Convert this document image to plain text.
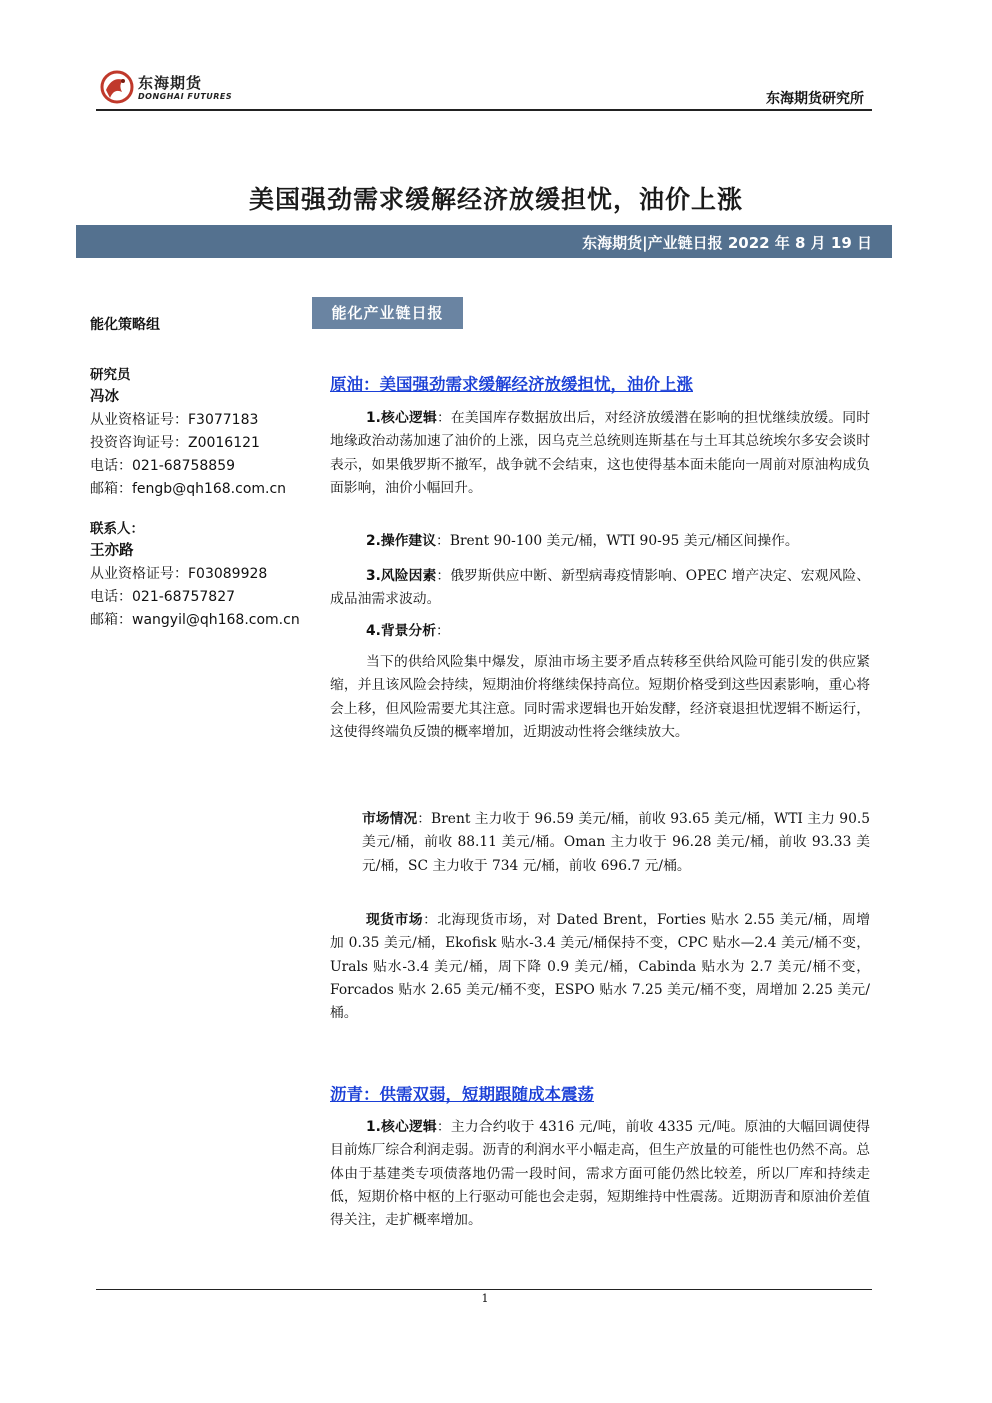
东海期货
DONGHAI FUTURES	东海期货研究所
美国强劲需求缓解经济放缓担忧，油价上涨
东海期货|产业链日报 2022 年 8 月 19 日

能化策略组

研究员

冯冰

从业资格证号：F3077183

投资咨询证号：Z0016121

电话：021-68758859

邮箱：fengb@qh168.com.cn

联系人：

王亦路

从业资格证号：F03089928

电话：021-68757827

邮箱：wangyil@qh168.com.cn

能化产业链日报
原油：美国强劲需求缓解经济放缓担忧，油价上涨

1.核心逻辑：在美国库存数据放出后，对经济放缓潜在影响的担忧继续放缓。同时地缘政治动荡加速了油价的上涨，因乌克兰总统则连斯基在与土耳其总统埃尔多安会谈时表示，如果俄罗斯不撤军，战争就不会结束，这也使得基本面未能向一周前对原油构成负面影响，油价小幅回升。

2.操作建议：Brent 90-100 美元/桶，WTI 90-95 美元/桶区间操作。

3.风险因素：俄罗斯供应中断、新型病毒疫情影响、OPEC 增产决定、宏观风险、成品油需求波动。

4.背景分析：

当下的供给风险集中爆发，原油市场主要矛盾点转移至供给风险可能引发的供应紧缩，并且该风险会持续，短期油价将继续保持高位。短期价格受到这些因素影响，重心将会上移，但风险需要尤其注意。同时需求逻辑也开始发酵，经济衰退担忧逻辑不断运行，这使得终端负反馈的概率增加，近期波动性将会继续放大。

市场情况：Brent 主力收于 96.59 美元/桶，前收 93.65 美元/桶，WTI 主力 90.5 美元/桶，前收 88.11 美元/桶。Oman 主力收于 96.28 美元/桶，前收 93.33 美元/桶，SC 主力收于 734 元/桶，前收 696.7 元/桶。

现货市场：北海现货市场，对 Dated Brent，Forties 贴水 2.55 美元/桶，周增加 0.35 美元/桶，Ekofisk 贴水-3.4 美元/桶保持不变，CPC 贴水—2.4 美元/桶不变，Urals 贴水-3.4 美元/桶，周下降 0.9 美元/桶，Cabinda 贴水为 2.7 美元/桶不变， Forcados 贴水 2.65 美元/桶不变，ESPO 贴水 7.25 美元/桶不变，周增加 2.25 美元/桶。

沥青：供需双弱，短期跟随成本震荡

1.核心逻辑：主力合约收于 4316 元/吨，前收 4335 元/吨。原油的大幅回调使得目前炼厂综合利润走弱。沥青的利润水平小幅走高，但生产放量的可能性也仍然不高。总体由于基建类专项债落地仍需一段时间，需求方面可能仍然比较差，所以厂库和持续走低，短期价格中枢的上行驱动可能也会走弱，短期维持中性震荡。近期沥青和原油价差值得关注，走扩概率增加。

1
